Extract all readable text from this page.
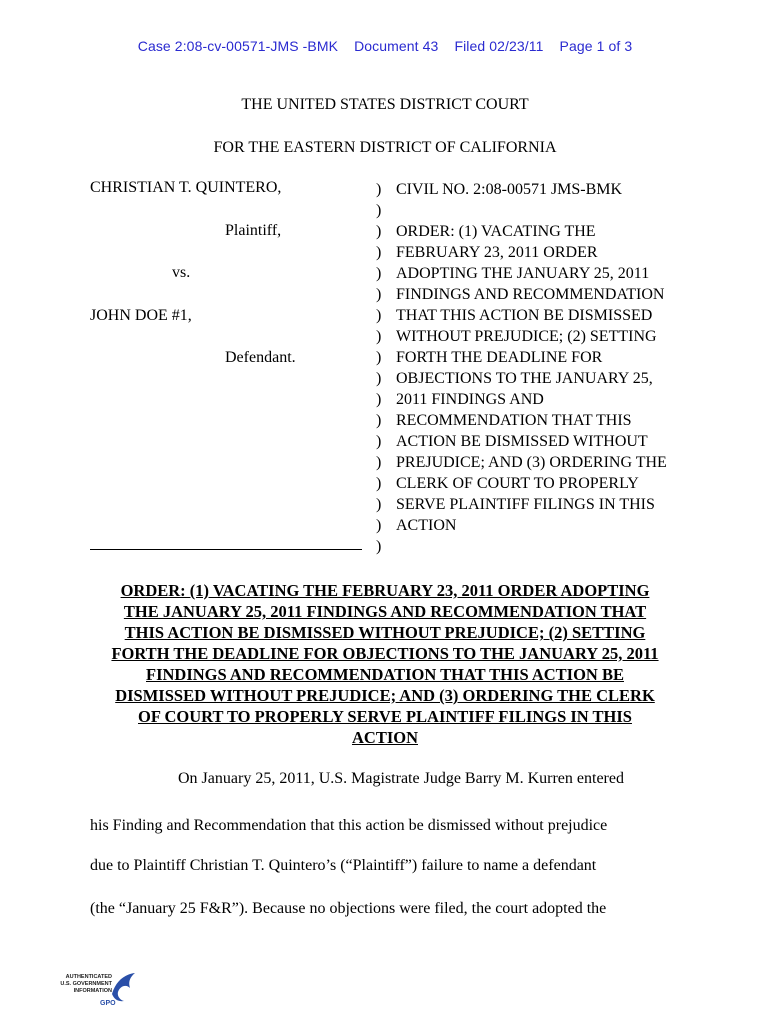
Case 2:08-cv-00571-JMS -BMK Document 43 Filed 02/23/11 Page 1 of 3
THE UNITED STATES DISTRICT COURT
FOR THE EASTERN DISTRICT OF CALIFORNIA
CHRISTIAN T. QUINTERO,
Plaintiff,
vs.
JOHN DOE #1,
Defendant.
)
)
)
)
)
)
)
)
)
)
)
)
)
)
)
)
)
)
CIVIL NO. 2:08-00571 JMS-BMK
ORDER: (1) VACATING THE
FEBRUARY 23, 2011 ORDER
ADOPTING THE JANUARY 25, 2011
FINDINGS AND RECOMMENDATION
THAT THIS ACTION BE DISMISSED
WITHOUT PREJUDICE; (2) SETTING
FORTH THE DEADLINE FOR
OBJECTIONS TO THE JANUARY 25,
2011 FINDINGS AND
RECOMMENDATION THAT THIS
ACTION BE DISMISSED WITHOUT
PREJUDICE; AND (3) ORDERING THE
CLERK OF COURT TO PROPERLY
SERVE PLAINTIFF FILINGS IN THIS
ACTION
ORDER: (1) VACATING THE FEBRUARY 23, 2011 ORDER ADOPTING
THE JANUARY 25, 2011 FINDINGS AND RECOMMENDATION THAT
THIS ACTION BE DISMISSED WITHOUT PREJUDICE; (2) SETTING
FORTH THE DEADLINE FOR OBJECTIONS TO THE JANUARY 25, 2011
FINDINGS AND RECOMMENDATION THAT THIS ACTION BE
DISMISSED WITHOUT PREJUDICE; AND (3) ORDERING THE CLERK
OF COURT TO PROPERLY SERVE PLAINTIFF FILINGS IN THIS
ACTION
On January 25, 2011, U.S. Magistrate Judge Barry M. Kurren entered
his Finding and Recommendation that this action be dismissed without prejudice
due to Plaintiff Christian T. Quintero’s (“Plaintiff”) failure to name a defendant
(the “January 25 F&R”). Because no objections were filed, the court adopted the
AUTHENTICATED
U.S. GOVERNMENT
INFORMATION
GPO
